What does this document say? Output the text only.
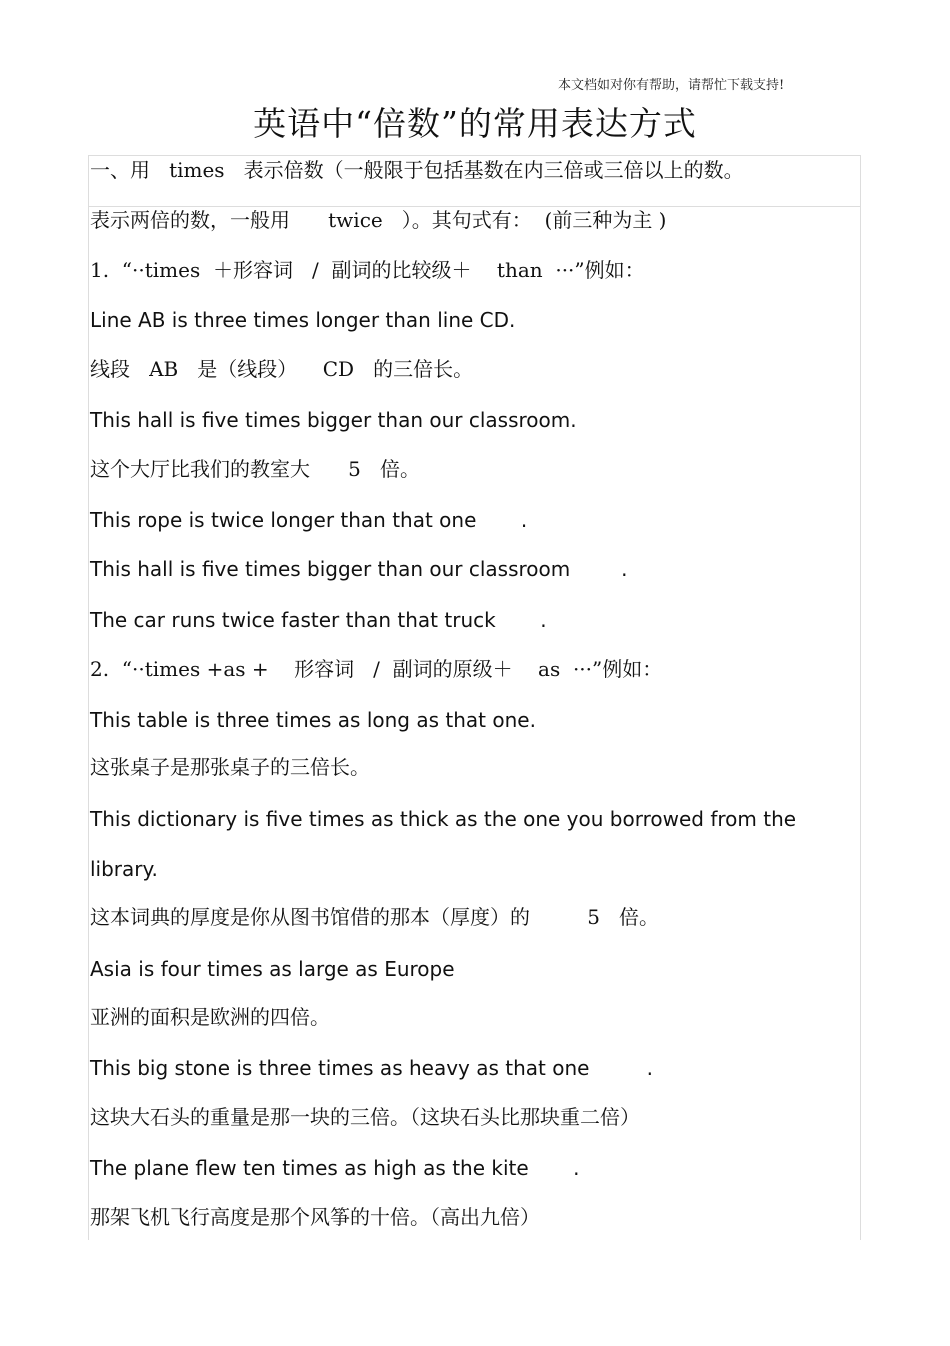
本文档如对你有帮助，请帮忙下载支持!
英语中“倍数”的常用表达方式
一、用   times   表示倍数（一般限于包括基数在内三倍或三倍以上的数。
表示两倍的数，一般用      twice   ）。其句式有：  (前三种为主 )
1.  “··times  ＋形容词   /  副词的比较级＋    than  ···”例如：
Line AB is three times longer than line CD.
线段   AB   是（线段）    CD   的三倍长。
This hall is five times bigger than our classroom.
这个大厅比我们的教室大      5   倍。
This rope is twice longer than that one       .
This hall is five times bigger than our classroom        .
The car runs twice faster than that truck       .
2.  “··times +as +    形容词   /  副词的原级＋    as  ···”例如：
This table is three times as long as that one.
这张桌子是那张桌子的三倍长。
This dictionary is five times as thick as the one you borrowed from the
library.
这本词典的厚度是你从图书馆借的那本（厚度）的         5   倍。
Asia is four times as large as Europe
亚洲的面积是欧洲的四倍。
This big stone is three times as heavy as that one         .
这块大石头的重量是那一块的三倍。（这块石头比那块重二倍）
The plane flew ten times as high as the kite       .
那架飞机飞行高度是那个风筝的十倍。（高出九倍）
